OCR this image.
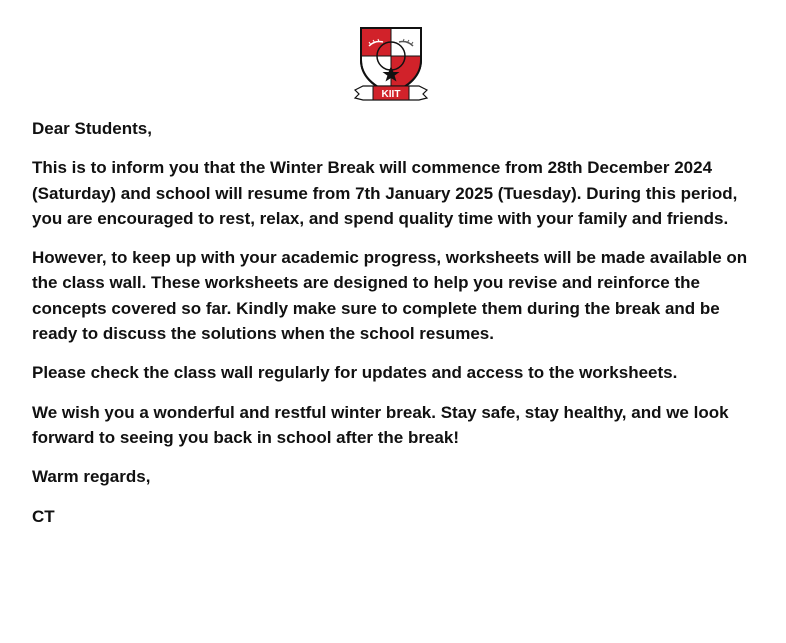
KIIT

Dear Students,

This is to inform you that the Winter Break will commence from 28th December 2024 (Saturday) and school will resume from 7th January 2025 (Tuesday). During this period, you are encouraged to rest, relax, and spend quality time with your family and friends.

However, to keep up with your academic progress, worksheets will be made available on the class wall. These worksheets are designed to help you revise and reinforce the concepts covered so far. Kindly make sure to complete them during the break and be ready to discuss the solutions when the school resumes.

Please check the class wall regularly for updates and access to the worksheets.

We wish you a wonderful and restful winter break. Stay safe, stay healthy, and we look forward to seeing you back in school after the break!

Warm regards,

CT
